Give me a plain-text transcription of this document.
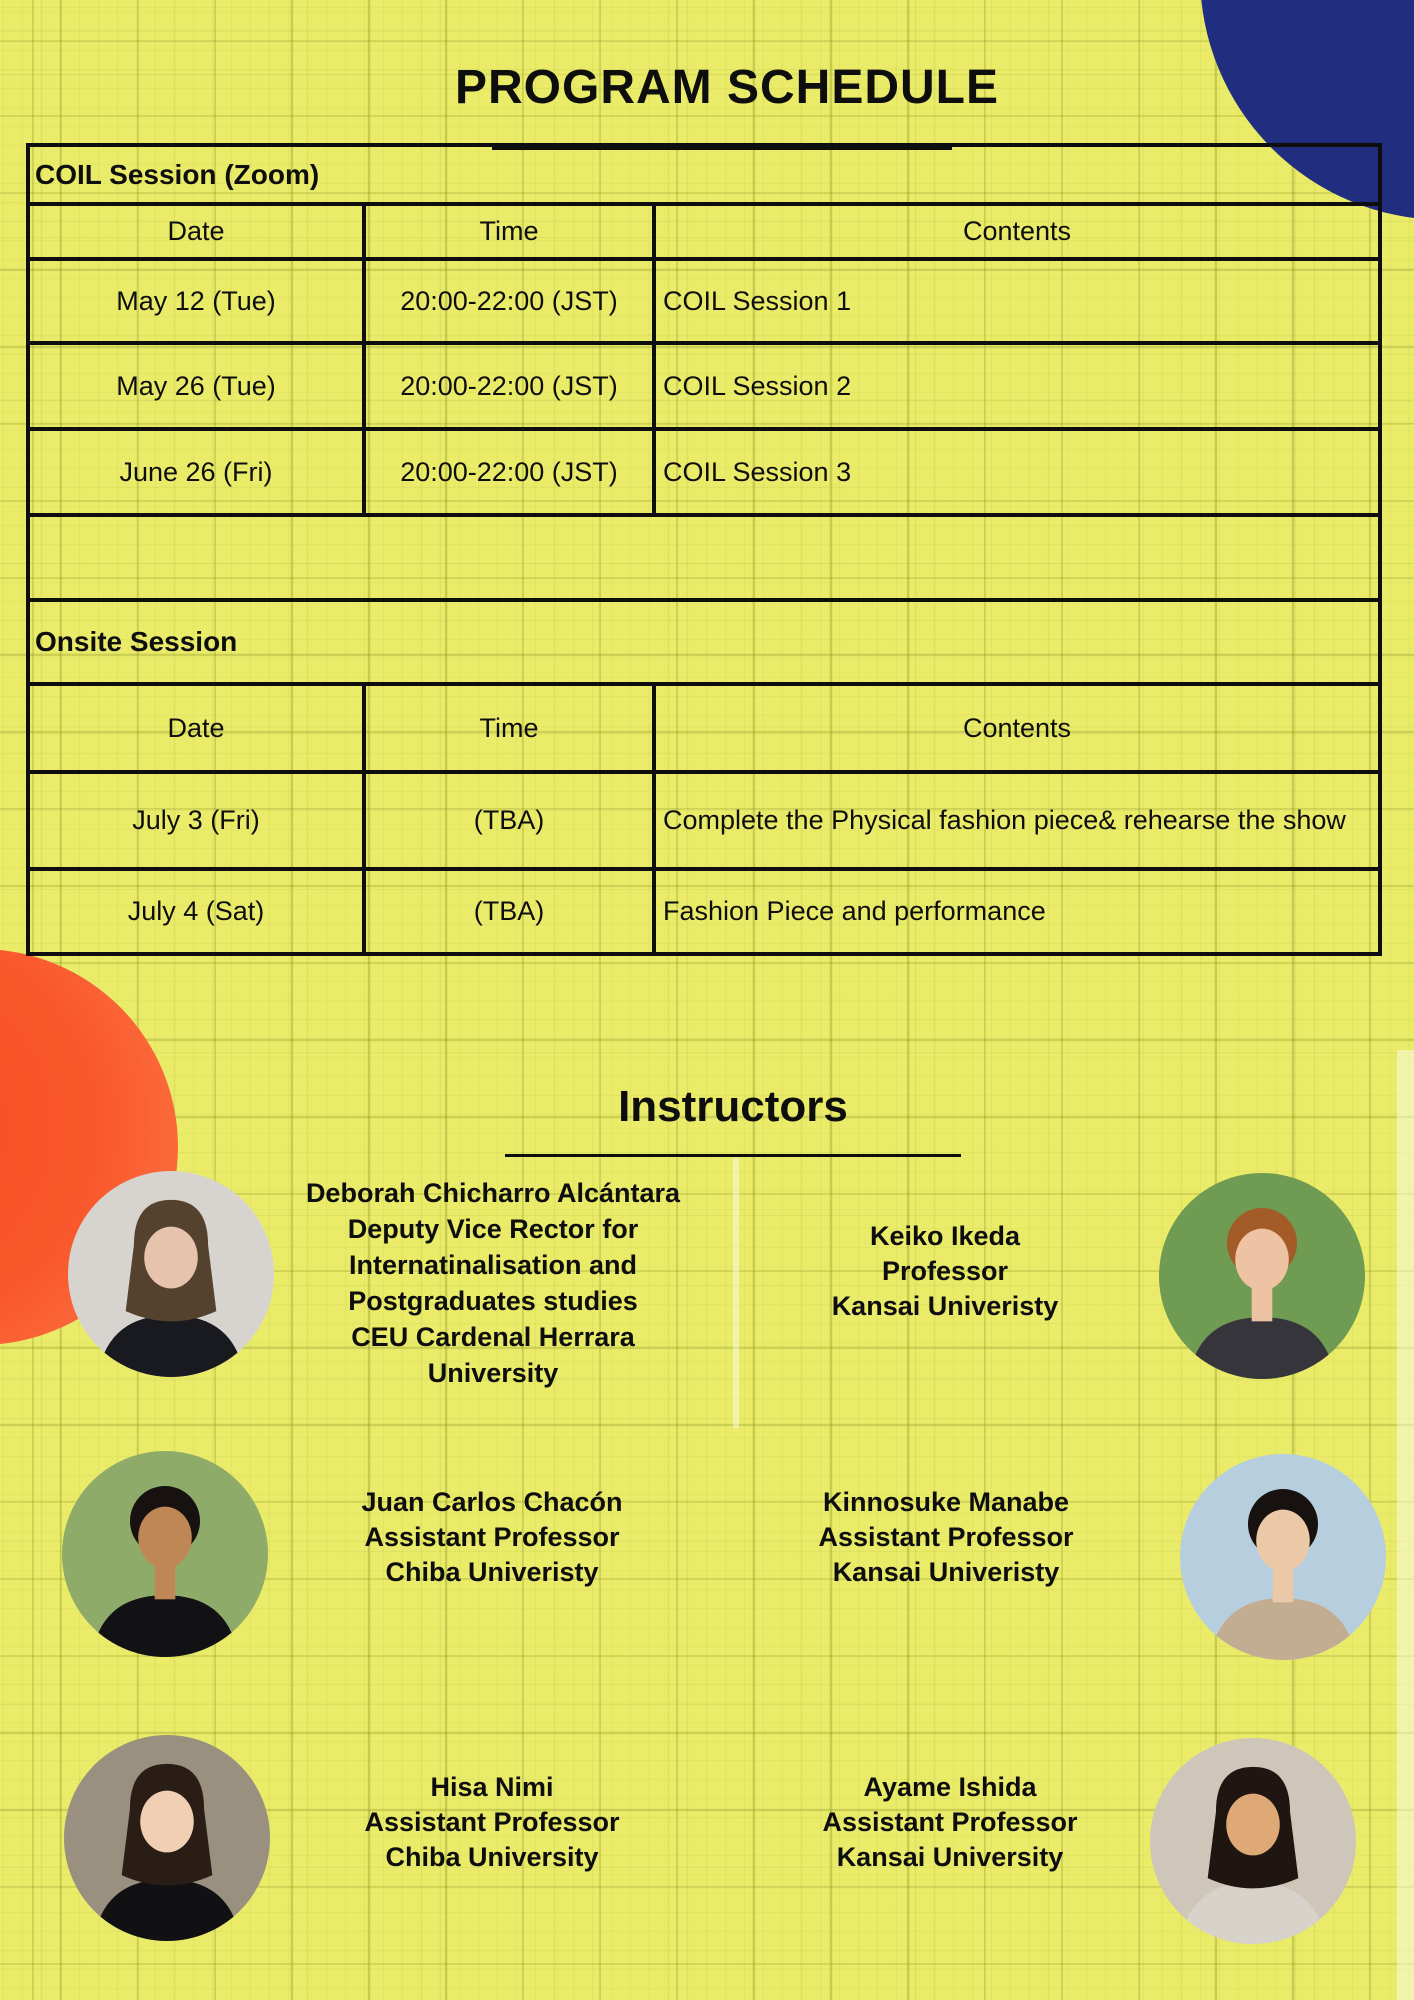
PROGRAM SCHEDULE
COIL Session (Zoom)
Date	Time	Contents
May 12 (Tue)	20:00-22:00 (JST)	COIL Session 1
May 26 (Tue)	20:00-22:00 (JST)	COIL Session 2
June 26 (Fri)	20:00-22:00 (JST)	COIL Session 3
Onsite Session
Date	Time	Contents
July 3 (Fri)	(TBA)	Complete the Physical fashion piece& rehearse the show
July 4 (Sat)	(TBA)	Fashion Piece and performance
Instructors
Deborah Chicharro Alcántara
Deputy Vice Rector for
Internatinalisation and
Postgraduates studies
CEU Cardenal Herrara
University
Keiko Ikeda
Professor
Kansai Univeristy
Juan Carlos Chacón
Assistant Professor
Chiba Univeristy
Kinnosuke Manabe
Assistant Professor
Kansai Univeristy
Hisa Nimi
Assistant Professor
Chiba University
Ayame Ishida
Assistant Professor
Kansai University
